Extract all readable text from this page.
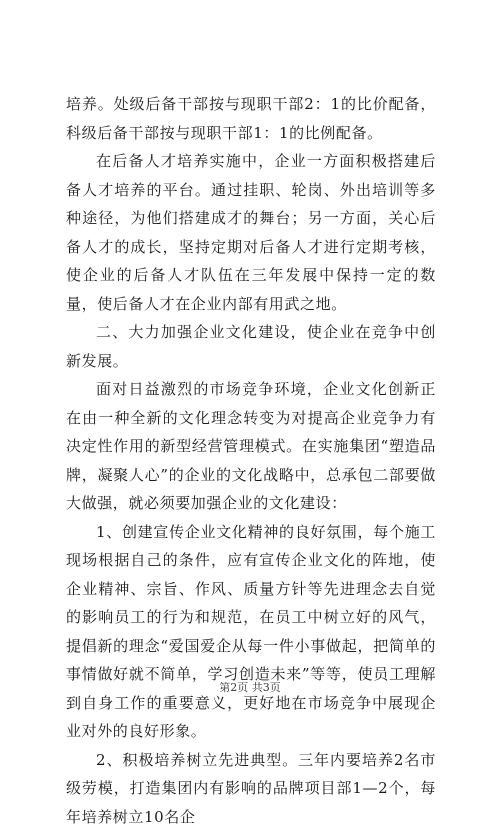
培养。处级后备干部按与现职干部2：1的比价配备，科级后备干部按与现职干部1：1的比例配备。

在后备人才培养实施中，企业一方面积极搭建后备人才培养的平台。通过挂职、轮岗、外出培训等多种途径，为他们搭建成才的舞台；另一方面，关心后备人才的成长，坚持定期对后备人才进行定期考核，使企业的后备人才队伍在三年发展中保持一定的数量，使后备人才在企业内部有用武之地。

二、大力加强企业文化建设，使企业在竞争中创新发展。

面对日益激烈的市场竞争环境，企业文化创新正在由一种全新的文化理念转变为对提高企业竞争力有决定性作用的新型经营管理模式。在实施集团“塑造品牌，凝聚人心”的企业的文化战略中，总承包二部要做大做强，就必须要加强企业的文化建设：

1、创建宣传企业文化精神的良好氛围，每个施工现场根据自己的条件，应有宣传企业文化的阵地，使企业精神、宗旨、作风、质量方针等先进理念去自觉的影响员工的行为和规范，在员工中树立好的风气，提倡新的理念“爱国爱企从每一件小事做起，把简单的事情做好就不简单，学习创造未来”等等，使员工理解到自身工作的重要意义，更好地在市场竞争中展现企业对外的良好形象。

2、积极培养树立先进典型。三年内要培养2名市级劳模，打造集团内有影响的品牌项目部1—2个，每年培养树立10名企

第2页 共3页
